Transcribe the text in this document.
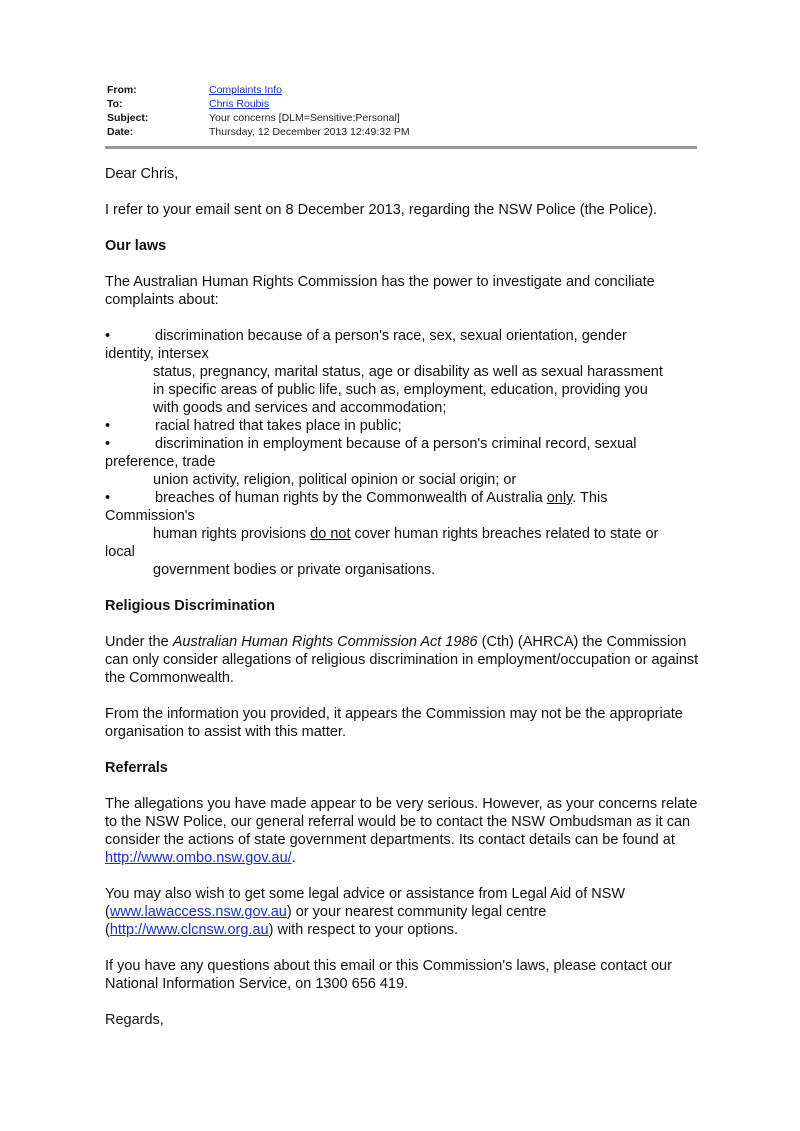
From:	Complaints Info
To:	Chris Roubis
Subject:	Your concerns [DLM=Sensitive:Personal]
Date:	Thursday, 12 December 2013 12:49:32 PM

Dear Chris,

I refer to your email sent on 8 December 2013, regarding the NSW Police (the Police).

Our laws

The Australian Human Rights Commission has the power to investigate and conciliate complaints about:

•	discrimination because of a person's race, sex, sexual orientation, gender
identity, intersex
status, pregnancy, marital status, age or disability as well as sexual harassment
in specific areas of public life, such as, employment, education, providing you
with goods and services and accommodation;
•	racial hatred that takes place in public;
•	discrimination in employment because of a person's criminal record, sexual
preference, trade
union activity, religion, political opinion or social origin; or
•	breaches of human rights by the Commonwealth of Australia only. This
Commission's
human rights provisions do not cover human rights breaches related to state or
local
government bodies or private organisations.

Religious Discrimination

Under the Australian Human Rights Commission Act 1986 (Cth) (AHRCA) the Commission can only consider allegations of religious discrimination in employment/occupation or against the Commonwealth.

From the information you provided, it appears the Commission may not be the appropriate organisation to assist with this matter.

Referrals

The allegations you have made appear to be very serious. However, as your concerns relate to the NSW Police, our general referral would be to contact the NSW Ombudsman as it can consider the actions of state government departments. Its contact details can be found at http://www.ombo.nsw.gov.au/.

You may also wish to get some legal advice or assistance from Legal Aid of NSW (www.lawaccess.nsw.gov.au) or your nearest community legal centre (http://www.clcnsw.org.au) with respect to your options.

If you have any questions about this email or this Commission's laws, please contact our National Information Service, on 1300 656 419.

Regards,
